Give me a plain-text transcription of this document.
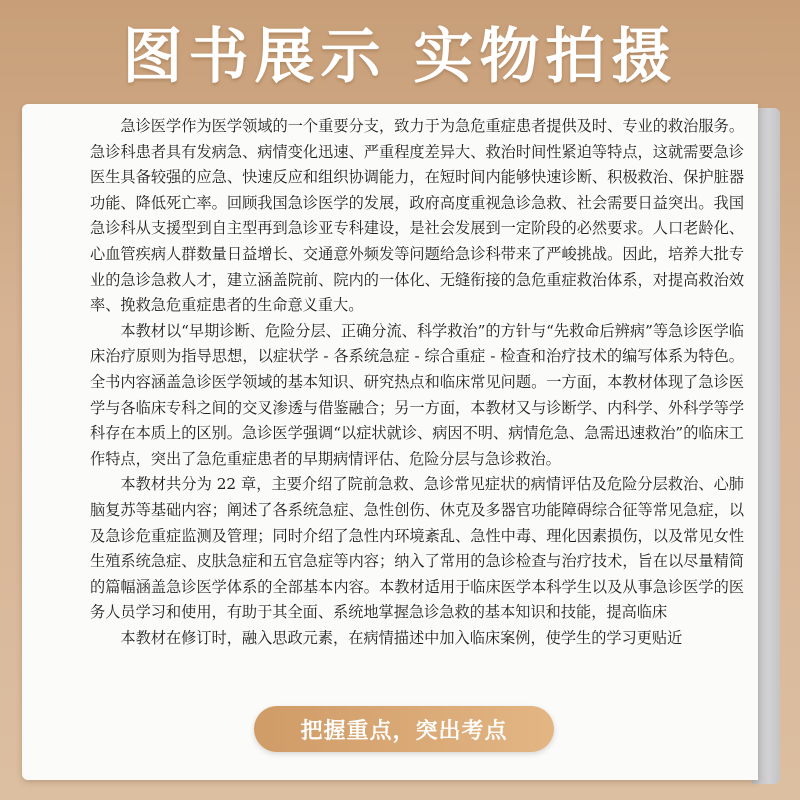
图书展示 实物拍摄

急诊医学作为医学领域的一个重要分支，致力于为急危重症患者提供及时、专业的救治服务。急诊科患者具有发病急、病情变化迅速、严重程度差异大、救治时间性紧迫等特点，这就需要急诊医生具备较强的应急、快速反应和组织协调能力，在短时间内能够快速诊断、积极救治、保护脏器功能、降低死亡率。回顾我国急诊医学的发展，政府高度重视急诊急救、社会需要日益突出。我国急诊科从支援型到自主型再到急诊亚专科建设，是社会发展到一定阶段的必然要求。人口老龄化、心血管疾病人群数量日益增长、交通意外频发等问题给急诊科带来了严峻挑战。因此，培养大批专业的急诊急救人才，建立涵盖院前、院内的一体化、无缝衔接的急危重症救治体系，对提高救治效率、挽救急危重症患者的生命意义重大。

本教材以“早期诊断、危险分层、正确分流、科学救治”的方针与“先救命后辨病”等急诊医学临床治疗原则为指导思想，以症状学 - 各系统急症 - 综合重症 - 检查和治疗技术的编写体系为特色。全书内容涵盖急诊医学领域的基本知识、研究热点和临床常见问题。一方面，本教材体现了急诊医学与各临床专科之间的交叉渗透与借鉴融合；另一方面，本教材又与诊断学、内科学、外科学等学科存在本质上的区别。急诊医学强调“以症状就诊、病因不明、病情危急、急需迅速救治”的临床工作特点，突出了急危重症患者的早期病情评估、危险分层与急诊救治。

本教材共分为 22 章，主要介绍了院前急救、急诊常见症状的病情评估及危险分层救治、心肺脑复苏等基础内容；阐述了各系统急症、急性创伤、休克及多器官功能障碍综合征等常见急症，以及急诊危重症监测及管理；同时介绍了急性内环境紊乱、急性中毒、理化因素损伤，以及常见女性生殖系统急症、皮肤急症和五官急症等内容；纳入了常用的急诊检查与治疗技术，旨在以尽量精简的篇幅涵盖急诊医学体系的全部基本内容。本教材适用于临床医学本科学生以及从事急诊医学的医务人员学习和使用，有助于其全面、系统地掌握急诊急救的基本知识和技能，提高临床

本教材在修订时，融入思政元素，在病情描述中加入临床案例，使学生的学习更贴近

把握重点，突出考点
